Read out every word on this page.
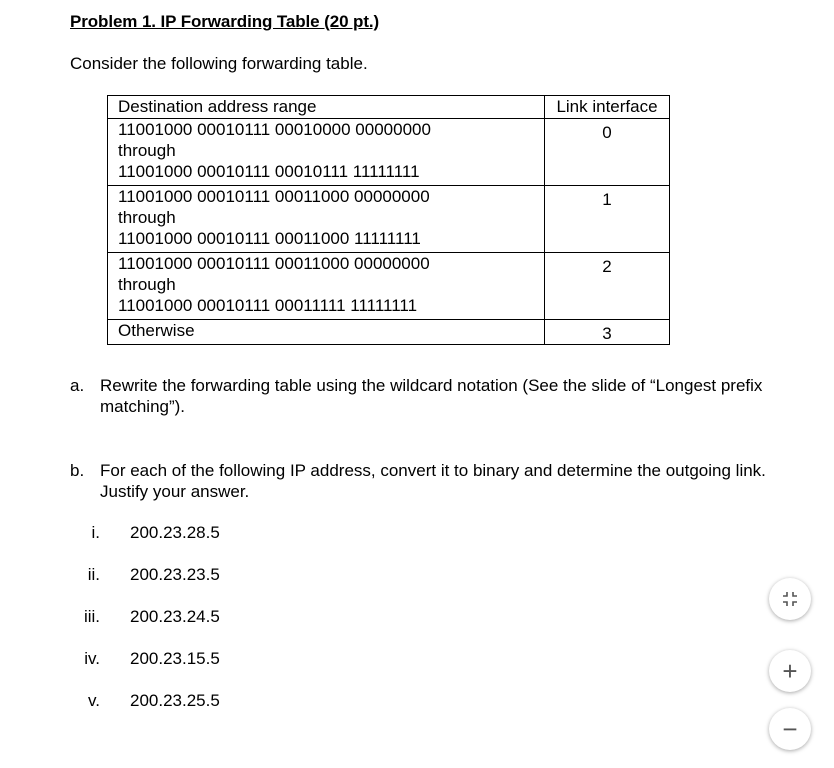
Problem 1. IP Forwarding Table (20 pt.)
Consider the following forwarding table.
Destination address range	Link interface

11001000 00010111 00010000 00000000
through
11001000 00010111 00010111 11111111	0

11001000 00010111 00011000 00000000
through
11001000 00010111 00011000 11111111	1

11001000 00010111 00011000 00000000
through
11001000 00010111 00011111 11111111	2
Otherwise	3
a. Rewrite the forwarding table using the wildcard notation (See the slide of “Longest prefix matching”).
b. For each of the following IP address, convert it to binary and determine the outgoing link. Justify your answer.
i. 200.23.28.5
ii. 200.23.23.5
iii. 200.23.24.5
iv. 200.23.15.5
v. 200.23.25.5
+
−
